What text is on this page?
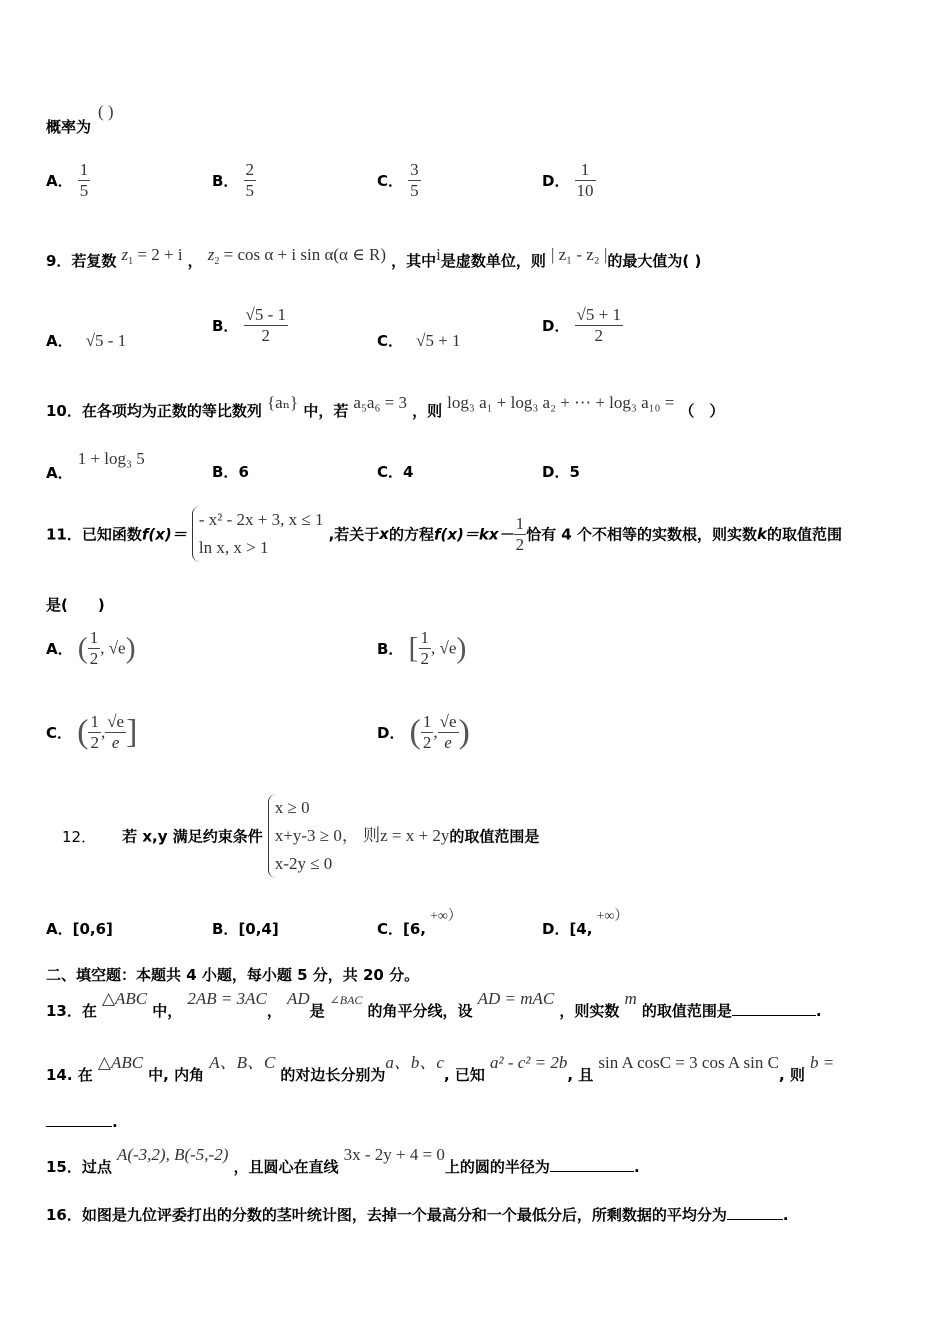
概率为
( )
A． $\frac{1}{5}$	B． $\frac{2}{5}$	C． $\frac{3}{5}$	D． $\frac{1}{10}$
9．若复数 $z_1 = 2 + i$ ， $z_2 = \cos \alpha + i$ sin α(α ∈ R) ，其中i是虚数单位，则 | z₁ - z₂ |的最大值为( )
A． √5 - 1
B． $\frac{√5 - 1}{2}$	C． √5 + 1
D． $\frac{√5 + 1}{2}$
10．在各项均为正数的等比数列 {aₙ} 中，若 a₅a₆ = 3 ，则 log₃ a₁ + log₃ a₂ + ⋯ + log₃ a₁₀ = （　）
A． 1 + log₃ 5
B．6	C．4	D．5
11．已知函数f(x)＝
- x² - 2x + 3, x ≤ 1
ln x, x > 1
,若关于x的方程$f(x)=kx- \frac{1}{2}$ 恰有 4 个不相等的实数根，则实数k的取值范围
是(　　)
A． ( $\frac{1}{2}$ , √e)	B． [ $\frac{1}{2}$ , √e)
C． ( $\frac{1}{2}$ , $\frac{√e}{e}$ ]	D． ( $\frac{1}{2}$ , $\frac{√e}{e}$ )
12． 若 x,y 满足约束条件
x ≥ 0
x+y-3 ≥ 0， 则z = x + 2y
x-2y ≤ 0
的取值范围是
A．[0,6]	B．[0,4]	C．[6,+∞）
D．[4,+∞）
二、填空题：本题共 4 小题，每小题 5 分，共 20 分。
13．在 △ABC 中， 2AB = 3AC， AD是 ∠BAC 的角平分线，设 AD = mAC ，则实数 m 的取值范围是	.
14. 在 △ABC 中, 内角 A、B、C 的对边长分别为a、b、c, 已知 a² - c² = 2b, 且 sin A cosC = 3 cos A sin C, 则 b =
.
15．过点 A(-3,2), B(-5,-2) ，且圆心在直线 3x - 2y + 4 = 0上的圆的半径为	.
16．如图是九位评委打出的分数的茎叶统计图，去掉一个最高分和一个最低分后，所剩数据的平均分为	.
